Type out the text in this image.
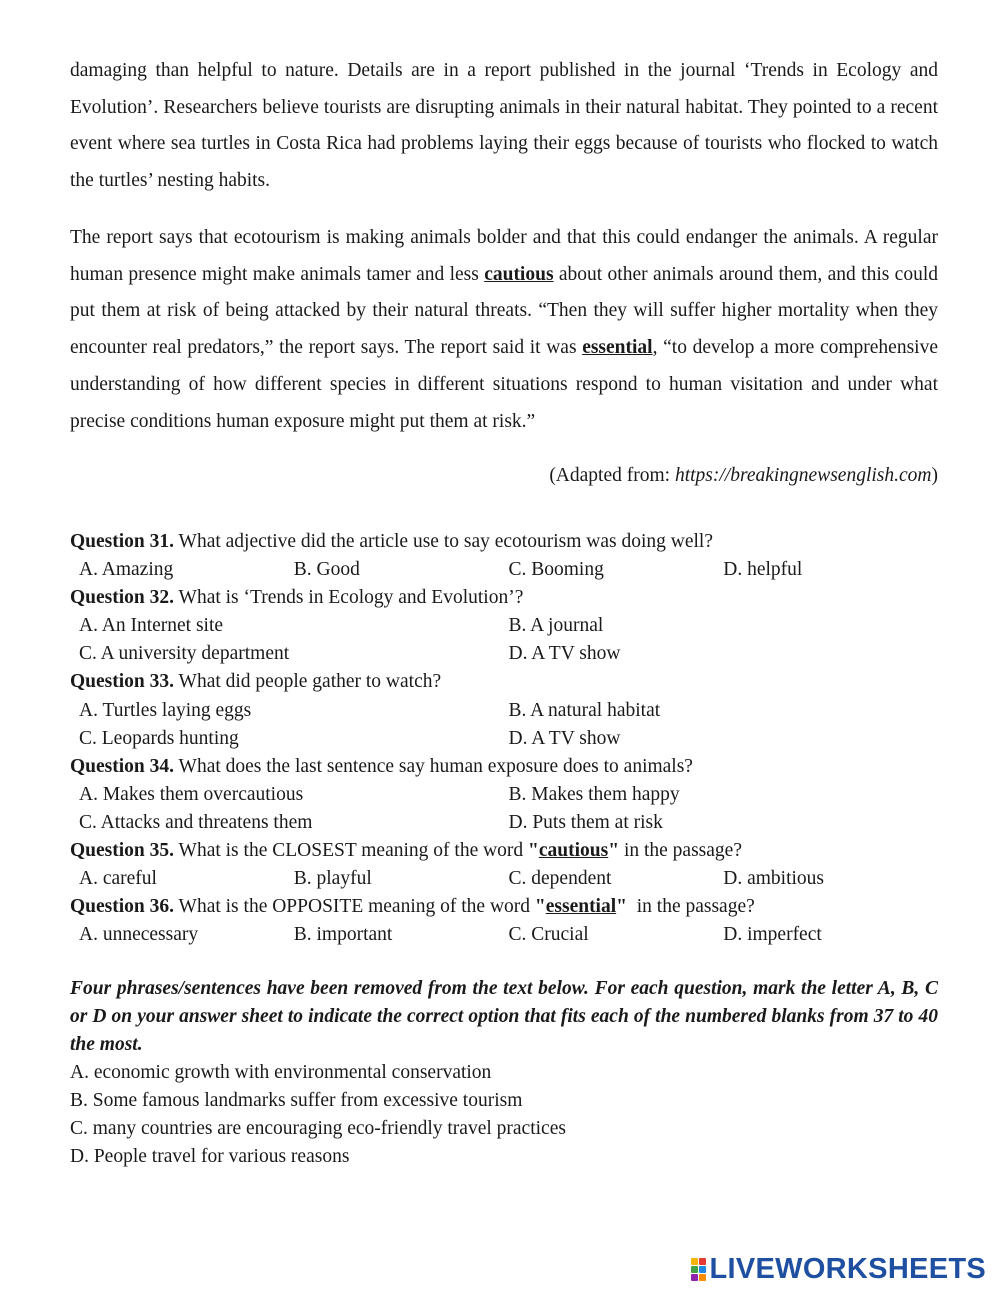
damaging than helpful to nature. Details are in a report published in the journal ‘Trends in Ecology and Evolution’. Researchers believe tourists are disrupting animals in their natural habitat. They pointed to a recent event where sea turtles in Costa Rica had problems laying their eggs because of tourists who flocked to watch the turtles’ nesting habits.

The report says that ecotourism is making animals bolder and that this could endanger the animals. A regular human presence might make animals tamer and less cautious about other animals around them, and this could put them at risk of being attacked by their natural threats. “Then they will suffer higher mortality when they encounter real predators,” the report says. The report said it was essential, “to develop a more comprehensive understanding of how different species in different situations respond to human visitation and under what precise conditions human exposure might put them at risk.”

(Adapted from: https://breakingnewsenglish.com)
Question 31. What adjective did the article use to say ecotourism was doing well?
A. Amazing	B. Good	C. Booming	D. helpful
Question 32. What is ‘Trends in Ecology and Evolution’?
A. An Internet site	B. A journal
C. A university department	D. A TV show
Question 33. What did people gather to watch?
A. Turtles laying eggs	B. A natural habitat
C. Leopards hunting	D. A TV show
Question 34. What does the last sentence say human exposure does to animals?
A. Makes them overcautious	B. Makes them happy
C. Attacks and threatens them	D. Puts them at risk
Question 35. What is the CLOSEST meaning of the word "cautious" in the passage?
A. careful	B. playful	C. dependent	D. ambitious
Question 36. What is the OPPOSITE meaning of the word "essential"  in the passage?
A. unnecessary	B. important	C. Crucial	D. imperfect

Four phrases/sentences have been removed from the text below. For each question, mark the letter A, B, C or D on your answer sheet to indicate the correct option that fits each of the numbered blanks from 37 to 40 the most.

A. economic growth with environmental conservation
B. Some famous landmarks suffer from excessive tourism
C. many countries are encouraging eco-friendly travel practices
D. People travel for various reasons
LIVEWORKSHEETS
